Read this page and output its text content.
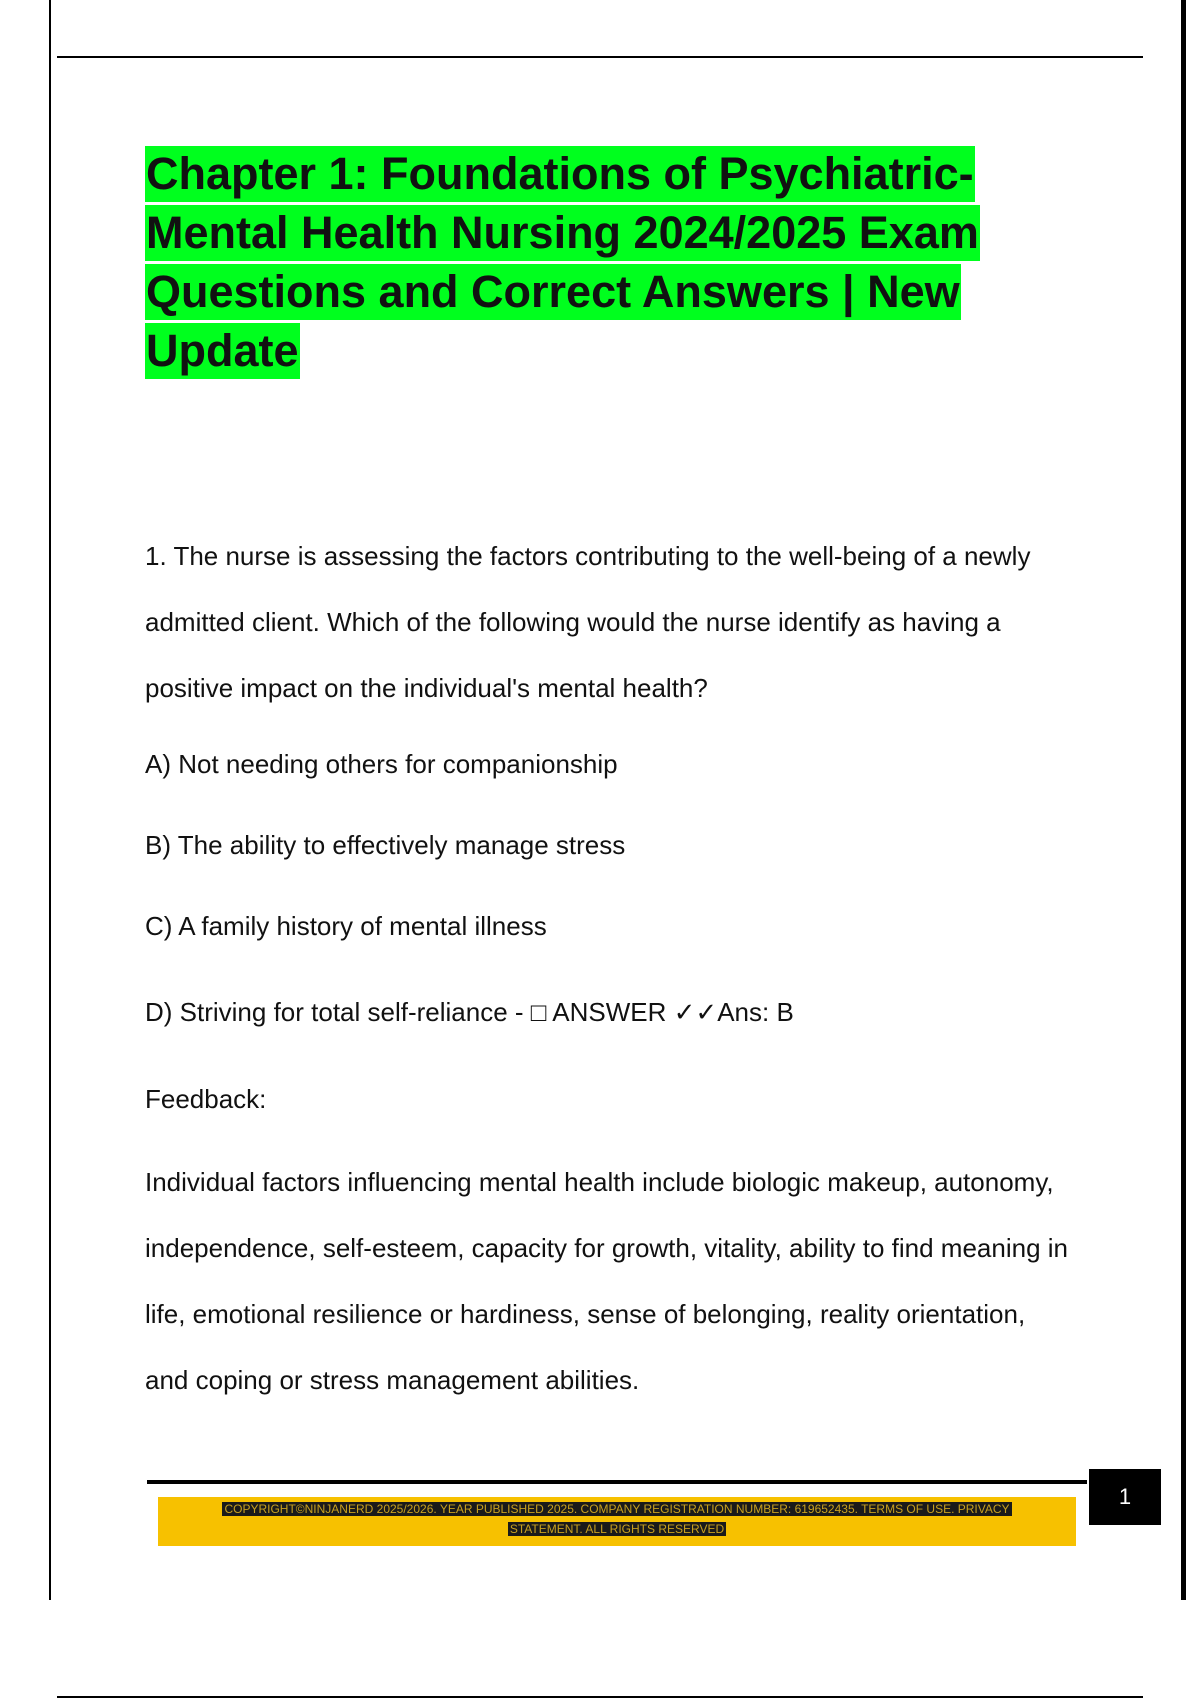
Chapter 1: Foundations of Psychiatric-
Mental Health Nursing 2024/2025 Exam
Questions and Correct Answers | New
Update
1. The nurse is assessing the factors contributing to the well-being of a newly admitted client. Which of the following would the nurse identify as having a positive impact on the individual's mental health?
A) Not needing others for companionship
B) The ability to effectively manage stress
C) A family history of mental illness
D) Striving for total self-reliance - □ ANSWER ✓✓Ans: B
Feedback:
Individual factors influencing mental health include biologic makeup, autonomy, independence, self-esteem, capacity for growth, vitality, ability to find meaning in life, emotional resilience or hardiness, sense of belonging, reality orientation, and coping or stress management abilities.
COPYRIGHT©NINJANERD 2025/2026. YEAR PUBLISHED 2025. COMPANY REGISTRATION NUMBER: 619652435. TERMS OF USE. PRIVACY
STATEMENT. ALL RIGHTS RESERVED
1
